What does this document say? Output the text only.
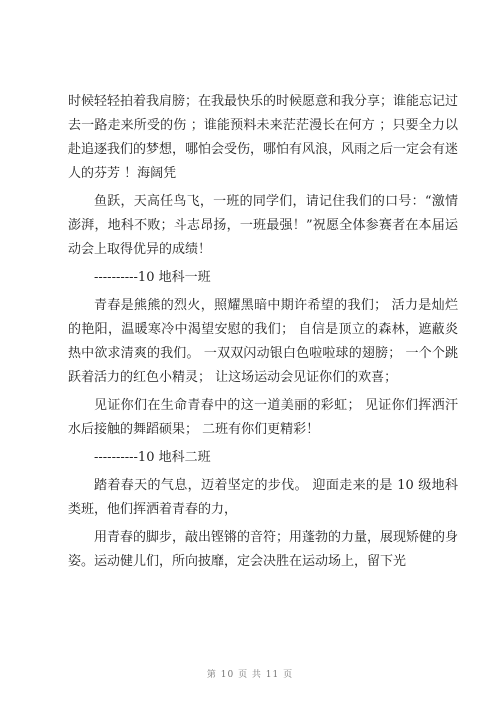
时候轻轻拍着我肩膀；在我最快乐的时候愿意和我分享；谁能忘记过去一路走来所受的伤 ；谁能预料未来茫茫漫长在何方 ；只要全力以赴追逐我们的梦想，哪怕会受伤，哪怕有风浪，风雨之后一定会有迷人的芬芳 ！海阔凭

鱼跃，天高任鸟飞，一班的同学们，请记住我们的口号：“激情澎湃，地科不败；斗志昂扬，一班最强！”祝愿全体参赛者在本届运动会上取得优异的成绩！

----------10 地科一班

青春是熊熊的烈火，照耀黑暗中期许希望的我们； 活力是灿烂的艳阳，温暖寒冷中渴望安慰的我们； 自信是顶立的森林，遮蔽炎热中欲求清爽的我们。 一双双闪动银白色啦啦球的翅膀； 一个个跳跃着活力的红色小精灵； 让这场运动会见证你们的欢喜；

见证你们在生命青春中的这一道美丽的彩虹； 见证你们挥洒汗水后接触的舞蹈硕果； 二班有你们更精彩！

----------10 地科二班

踏着春天的气息，迈着坚定的步伐。 迎面走来的是 10 级地科类班，他们挥洒着青春的力，

用青春的脚步，敲出铿锵的音符；用蓬勃的力量，展现矫健的身姿。运动健儿们，所向披靡，定会决胜在运动场上，留下光

第 10 页 共 11 页
